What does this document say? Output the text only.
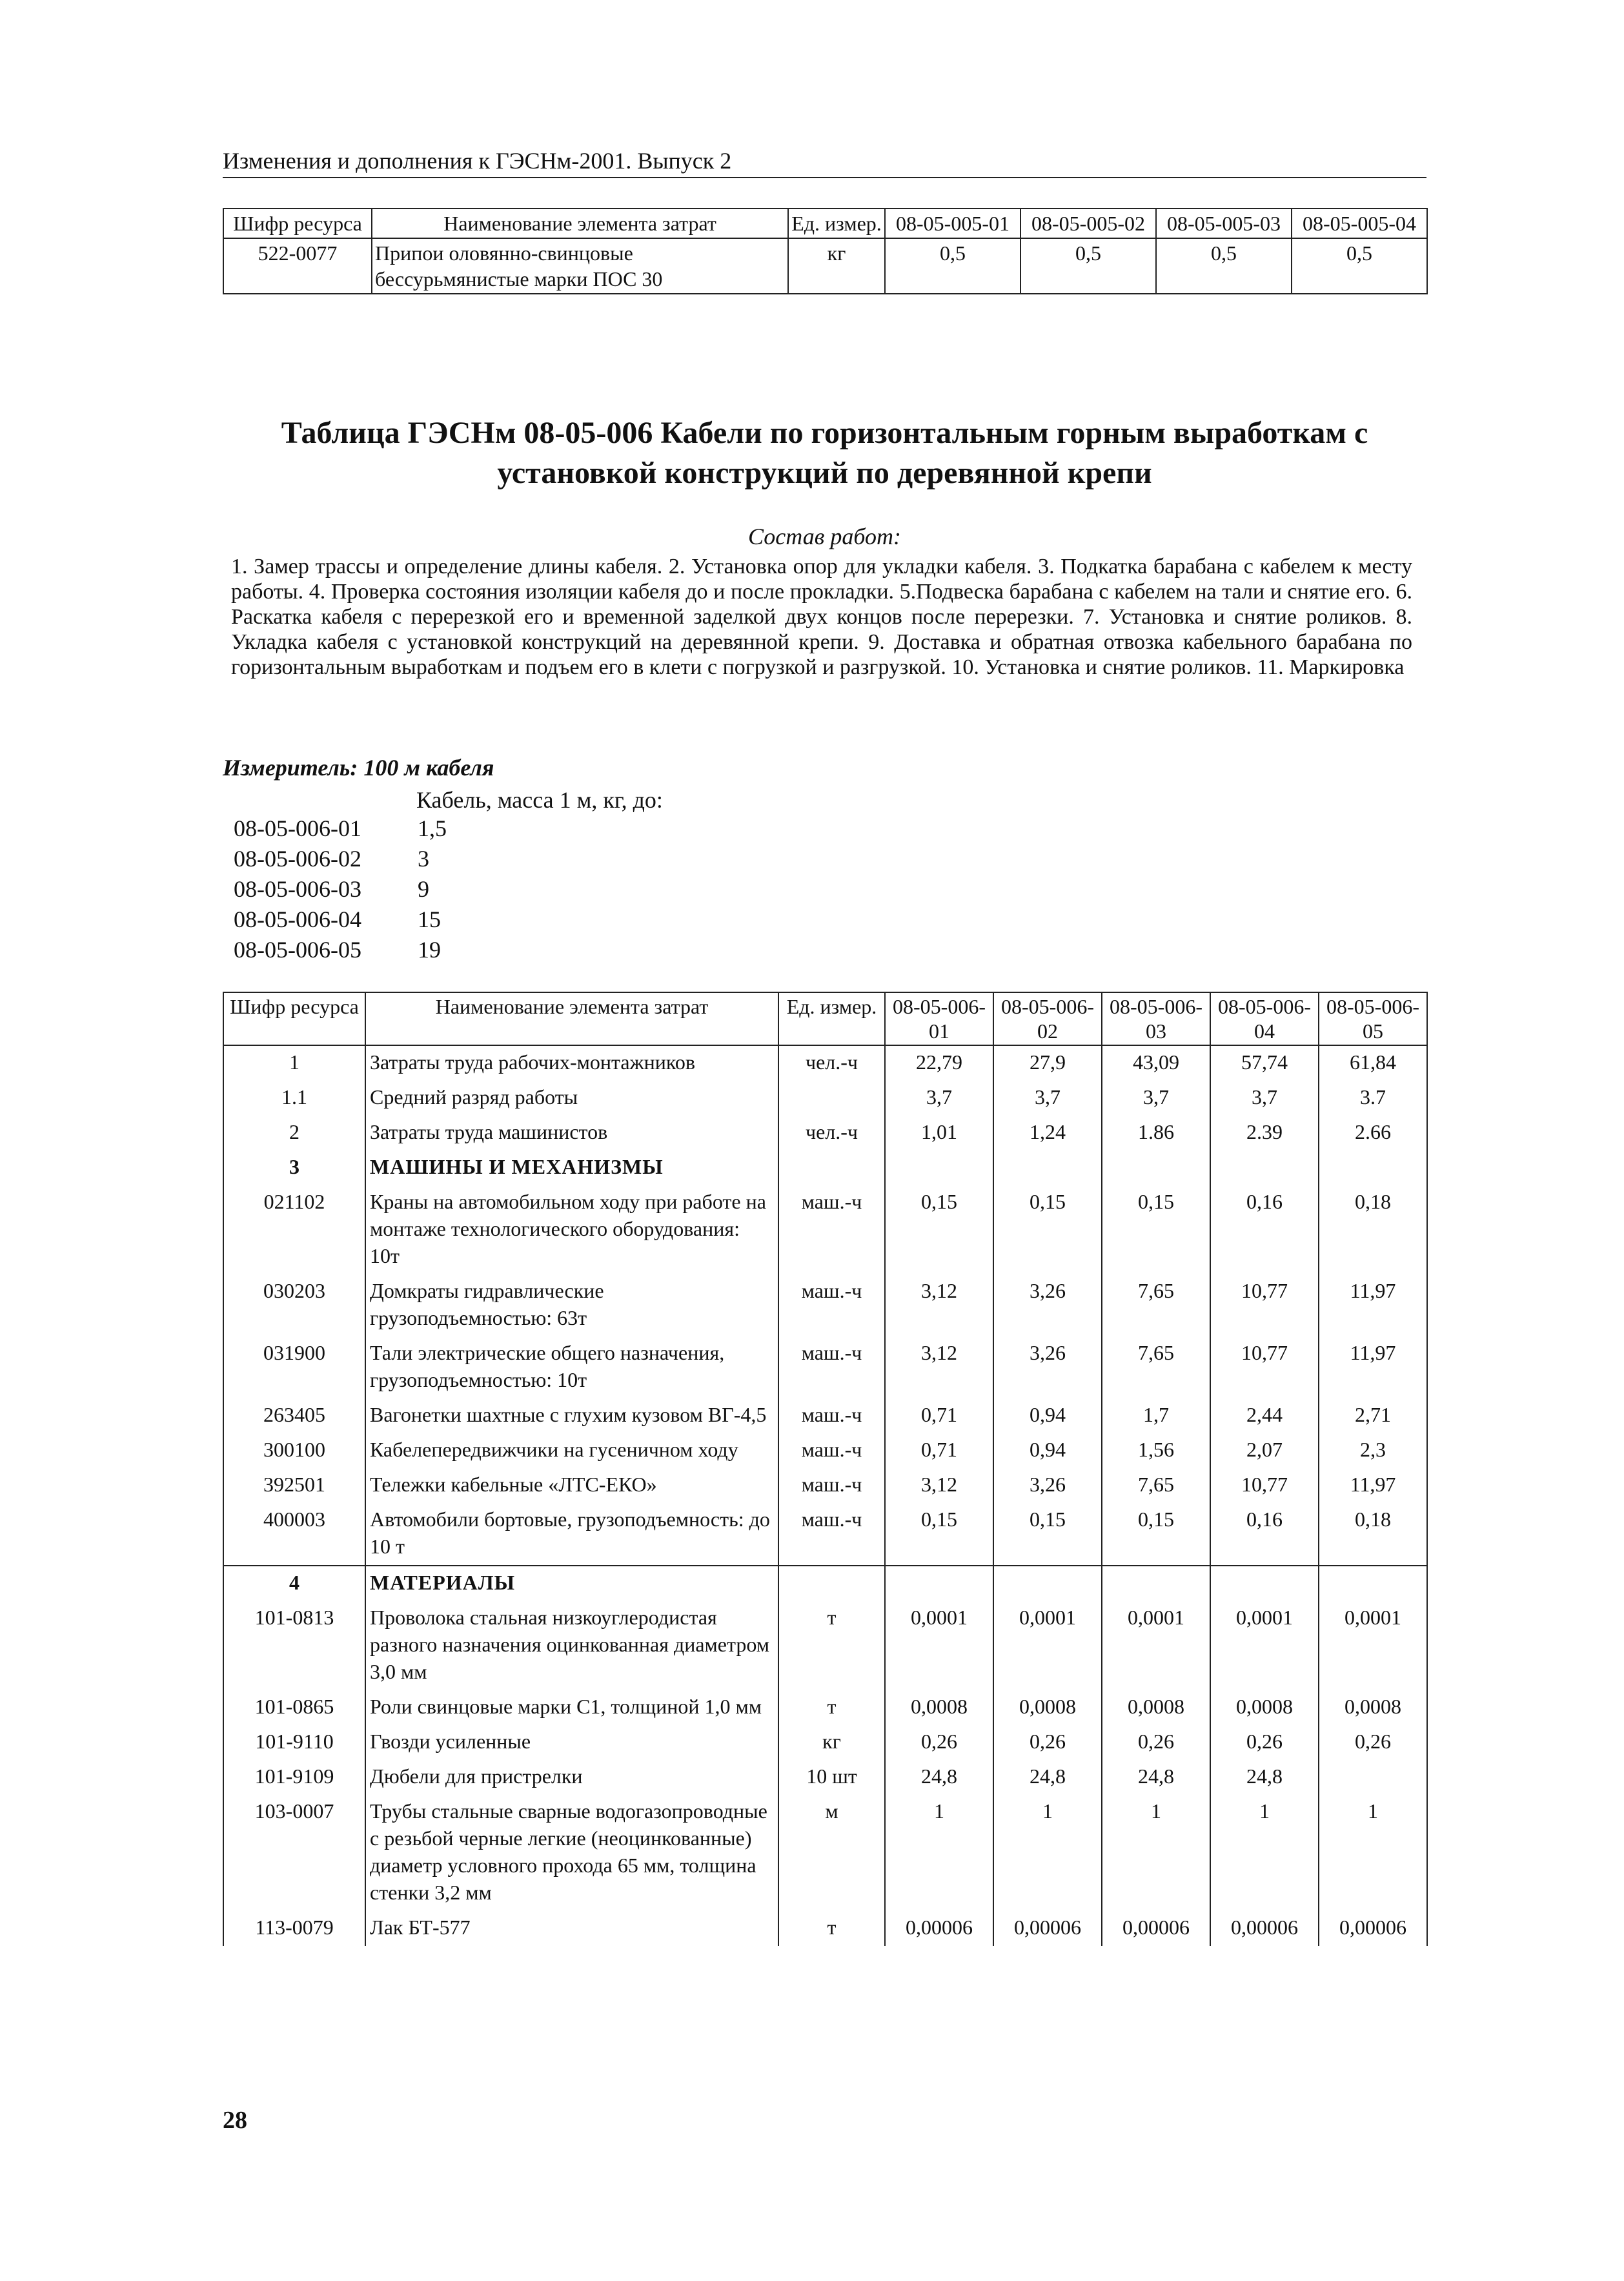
Изменения и дополнения к ГЭСНм-2001. Выпуск 2
Шифр ресурса	Наименование элемента затрат	Ед. измер.	08-05-005-01	08-05-005-02	08-05-005-03	08-05-005-04
522-0077	Припои оловянно-свинцовые бессурьмянистые марки ПОС 30	кг	0,5	0,5	0,5	0,5
Таблица ГЭСНм 08-05-006 Кабели по горизонтальным горным выработкам с
установкой конструкций по деревянной крепи
Состав работ:
1. Замер трассы и определение длины кабеля. 2. Установка опор для укладки кабеля. 3. Подкатка барабана с кабелем к месту работы. 4. Проверка состояния изоляции кабеля до и после прокладки. 5.Подвеска барабана с кабелем на тали и снятие его. 6. Раскатка кабеля с перерезкой его и временной заделкой двух концов после перерезки. 7. Установка и снятие роликов. 8. Укладка кабеля с установкой конструкций на деревянной крепи. 9. Доставка и обратная отвозка кабельного барабана по горизонтальным выработкам и подъем его в клети с погрузкой и разгрузкой. 10. Установка и снятие роликов. 11. Маркировка
Измеритель: 100 м кабеля
Кабель, масса 1 м, кг, до:
08-05-006-01	1,5
08-05-006-02	3
08-05-006-03	9
08-05-006-04	15
08-05-006-05	19
Шифр ресурса	Наименование элемента затрат	Ед. измер.	08-05-006-01	08-05-006-02	08-05-006-03	08-05-006-04	08-05-006-05
1	Затраты труда рабочих-монтажников	чел.-ч	22,79	27,9	43,09	57,74	61,84
1.1	Средний разряд работы		3,7	3,7	3,7	3,7	3.7
2	Затраты труда машинистов	чел.-ч	1,01	1,24	1.86	2.39	2.66
3	МАШИНЫ И МЕХАНИЗМЫ						
021102	Краны на автомобильном ходу при работе на монтаже технологического оборудования: 10т	маш.-ч	0,15	0,15	0,15	0,16	0,18
030203	Домкраты гидравлические грузоподъемностью: 63т	маш.-ч	3,12	3,26	7,65	10,77	11,97
031900	Тали электрические общего назначения, грузоподъемностью: 10т	маш.-ч	3,12	3,26	7,65	10,77	11,97
263405	Вагонетки шахтные с глухим кузовом ВГ-4,5	маш.-ч	0,71	0,94	1,7	2,44	2,71
300100	Кабелепередвижчики на гусеничном ходу	маш.-ч	0,71	0,94	1,56	2,07	2,3
392501	Тележки кабельные «ЛТС-ЕКО»	маш.-ч	3,12	3,26	7,65	10,77	11,97
400003	Автомобили бортовые, грузоподъемность: до 10 т	маш.-ч	0,15	0,15	0,15	0,16	0,18
4	МАТЕРИАЛЫ						
101-0813	Проволока стальная низкоуглеродистая разного назначения оцинкованная диаметром 3,0 мм	т	0,0001	0,0001	0,0001	0,0001	0,0001
101-0865	Роли свинцовые марки С1, толщиной 1,0 мм	т	0,0008	0,0008	0,0008	0,0008	0,0008
101-9110	Гвозди усиленные	кг	0,26	0,26	0,26	0,26	0,26
101-9109	Дюбели для пристрелки	10 шт	24,8	24,8	24,8	24,8	
103-0007	Трубы стальные сварные водогазопроводные с резьбой черные легкие (неоцинкованные) диаметр условного прохода 65 мм, толщина стенки 3,2 мм	м	1	1	1	1	1
113-0079	Лак БТ-577	т	0,00006	0,00006	0,00006	0,00006	0,00006
28
